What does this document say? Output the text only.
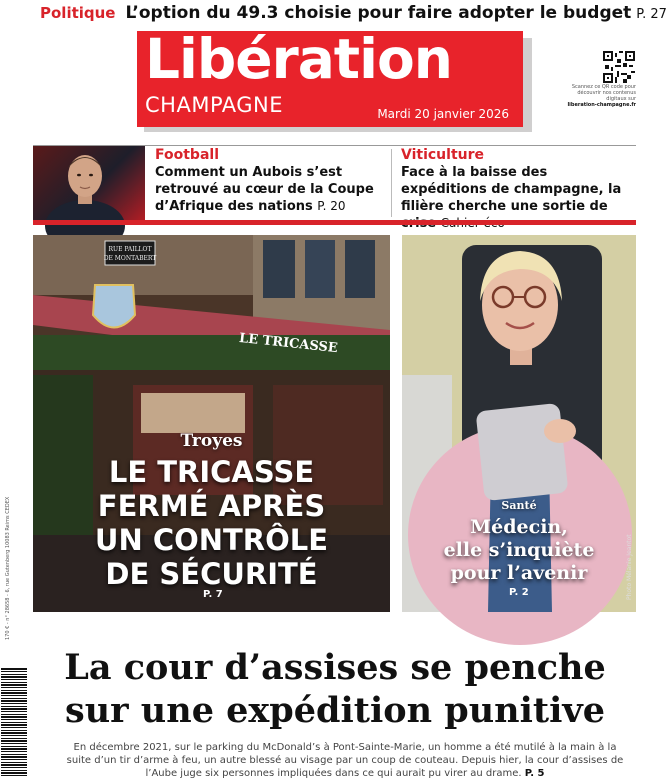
Politique L’option du 49.3 choisie pour faire adopter le budget P. 27
Libération
CHAMPAGNE	Mardi 20 janvier 2026
Scannez ce QR code pour découvrir nos contenus digitaux sur
liberation-champagne.fr
Football
Comment un Aubois s’est retrouvé au cœur de la Coupe d’Afrique des nations P. 20
Viticulture
Face à la baisse des expéditions de champagne, la filière cherche une sortie de
RUE PAILLOT
DE MONTABERT
LE TRICASSE
Troyes
LE TRICASSE
FERMÉ APRÈS
UN CONTRÔLE
DE SÉCURITÉ
P. 7
Santé
Médecin,
elle s’inquiète
pour l’avenir
P. 2	Photo Mélanie Jeantot
La cour d’assises se penche
sur une expédition punitive
En décembre 2021, sur le parking du McDonald’s à Pont-Sainte-Marie, un homme a été mutilé à la main à la suite d’un tir d’arme à feu, un autre blessé au visage par un coup de couteau. Depuis hier, la cour d’assises de l’Aube juge six personnes impliquées dans ce qui aurait pu virer au drame. P. 5
170 € - n° 28658 - 6, rue Gutenberg 10083 Reims CEDEX
